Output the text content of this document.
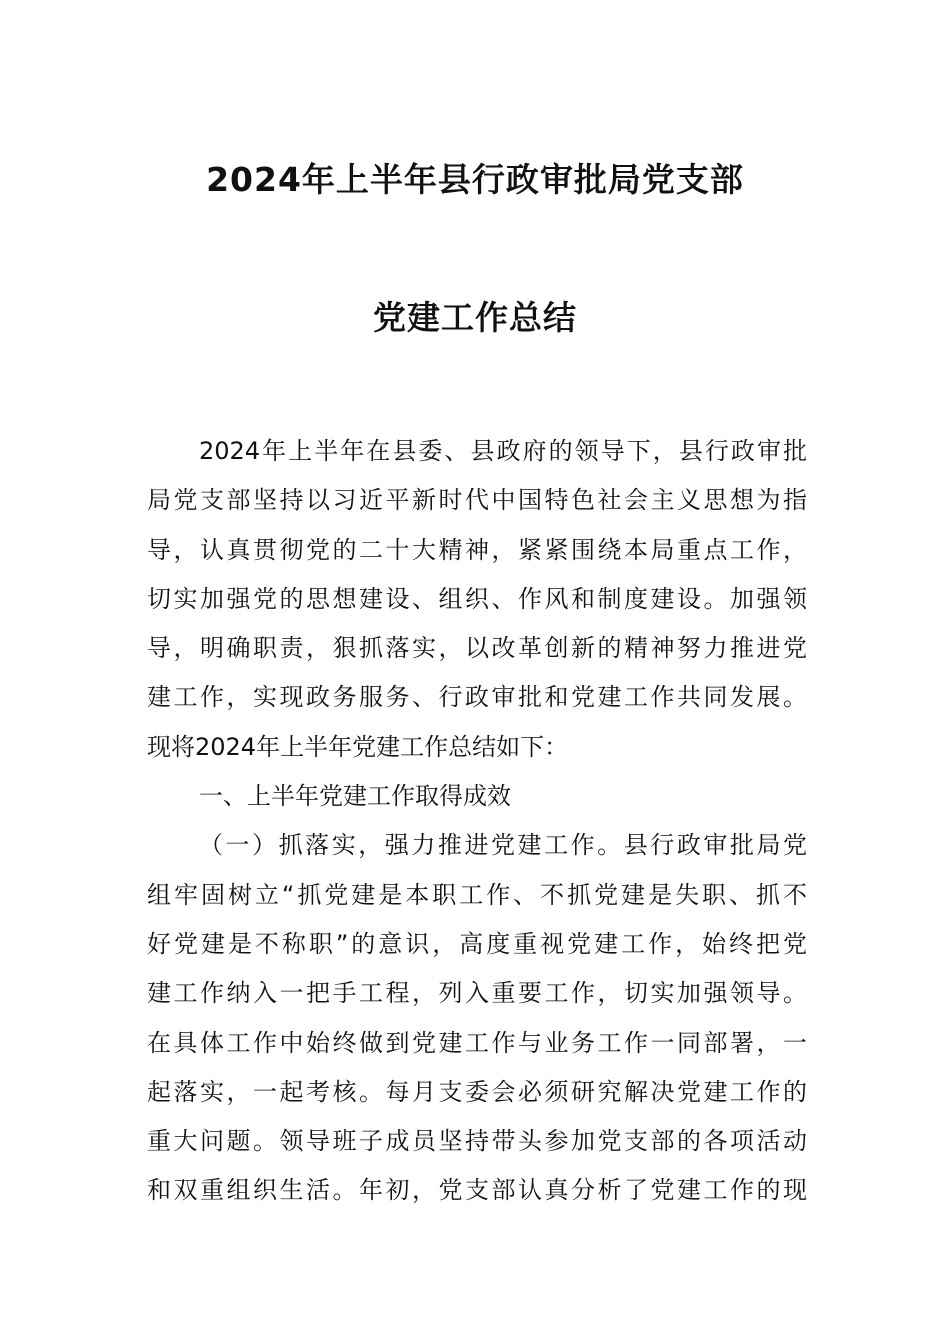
2024年上半年县行政审批局党支部
党建工作总结
2024年上半年在县委、县政府的领导下，县行政审批
局党支部坚持以习近平新时代中国特色社会主义思想为指
导，认真贯彻党的二十大精神，紧紧围绕本局重点工作，
切实加强党的思想建设、组织、作风和制度建设。加强领
导，明确职责，狠抓落实，以改革创新的精神努力推进党
建工作，实现政务服务、行政审批和党建工作共同发展。
现将2024年上半年党建工作总结如下：
一、上半年党建工作取得成效
（一）抓落实，强力推进党建工作。县行政审批局党
组牢固树立“抓党建是本职工作、不抓党建是失职、抓不
好党建是不称职”的意识，高度重视党建工作，始终把党
建工作纳入一把手工程，列入重要工作，切实加强领导。
在具体工作中始终做到党建工作与业务工作一同部署，一
起落实，一起考核。每月支委会必须研究解决党建工作的
重大问题。领导班子成员坚持带头参加党支部的各项活动
和双重组织生活。年初，党支部认真分析了党建工作的现
